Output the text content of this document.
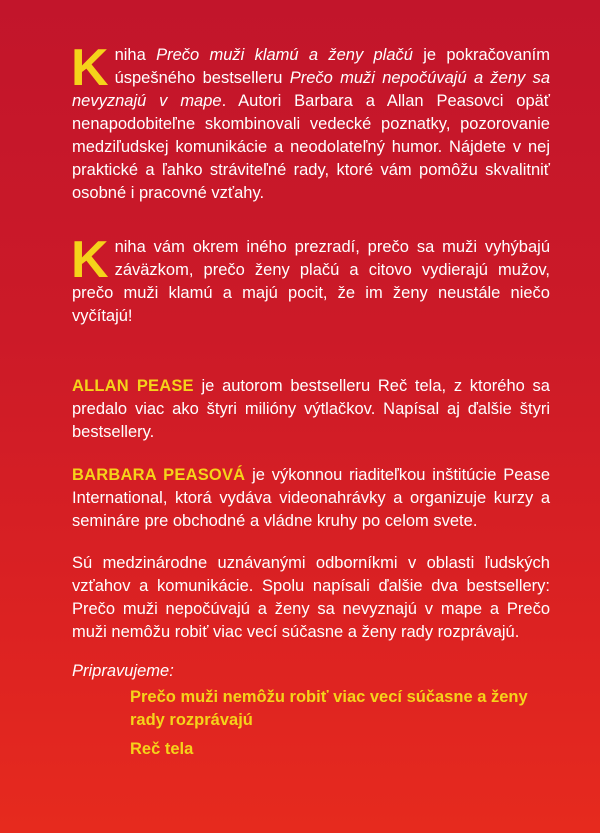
Kniha Prečo muži klamú a ženy plačú je pokračovaním úspešného bestselleru Prečo muži nepočúvajú a ženy sa nevyznajú v mape. Autori Barbara a Allan Peasovci opäť nenapodobiteľne skombinovali vedecké poznatky, pozorovanie medziľudskej komunikácie a neodolateľný humor. Nájdete v nej praktické a ľahko stráviteľné rady, ktoré vám pomôžu skvalitniť osobné i pracovné vzťahy.

Kniha vám okrem iného prezradí, prečo sa muži vyhýbajú záväzkom, prečo ženy plačú a citovo vydierajú mužov, prečo muži klamú a majú pocit, že im ženy neustále niečo vyčítajú!

ALLAN PEASE je autorom bestselleru Reč tela, z ktorého sa predalo viac ako štyri milióny výtlačkov. Napísal aj ďalšie štyri bestsellery.

BARBARA PEASOVÁ je výkonnou riaditeľkou inštitúcie Pease International, ktorá vydáva videonahrávky a organizuje kurzy a semináre pre obchodné a vládne kruhy po celom svete.

Sú medzinárodne uznávanými odborníkmi v oblasti ľudských vzťahov a komunikácie. Spolu napísali ďalšie dva bestsellery: Prečo muži nepočúvajú a ženy sa nevyznajú v mape a Prečo muži nemôžu robiť viac vecí súčasne a ženy rady rozprávajú.

Pripravujeme:

Prečo muži nemôžu robiť viac vecí súčasne a ženy rady rozprávajú

Reč tela
